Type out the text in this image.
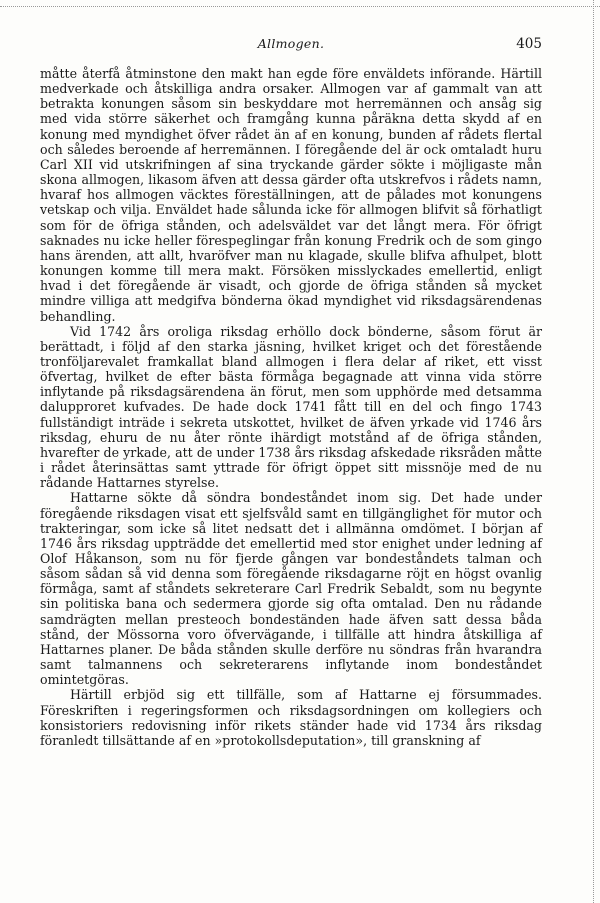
Allmogen.	405

måtte återfå åtminstone den makt han egde före enväldets införande. Härtill medverkade och åtskilliga andra orsaker. Allmogen var af gammalt van att betrakta konungen såsom sin beskyddare mot herremännen och ansåg sig med vida större säkerhet och framgång kunna påräkna detta skydd af en konung med myndighet öfver rådet än af en konung, bunden af rådets flertal och således beroende af herremännen. I föregående del är ock omtaladt huru Carl XII vid utskrifningen af sina tryckande gärder sökte i möjligaste mån skona allmogen, likasom äfven att dessa gärder ofta utskrefvos i rådets namn, hvaraf hos allmogen väcktes föreställningen, att de pålades mot konungens vetskap och vilja. Enväldet hade sålunda icke för allmogen blifvit så förhatligt som för de öfriga stånden, och adelsväldet var det långt mera. För öfrigt saknades nu icke heller förespeglingar från konung Fredrik och de som gingo hans ärenden, att allt, hvaröfver man nu klagade, skulle blifva afhulpet, blott konungen komme till mera makt. Försöken misslyckades emellertid, enligt hvad i det föregående är visadt, och gjorde de öfriga stånden så mycket mindre villiga att medgifva bönderna ökad myndighet vid riksdagsärendenas behandling.

Vid 1742 års oroliga riksdag erhöllo dock bönderne, såsom förut är berättadt, i följd af den starka jäsning, hvilket kriget och det förestående tronföljarevalet framkallat bland allmogen i flera delar af riket, ett visst öfvertag, hvilket de efter bästa förmåga begagnade att vinna vida större inflytande på riksdagsärendena än förut, men som upphörde med detsamma dalupproret kufvades. De hade dock 1741 fått till en del och fingo 1743 fullständigt inträde i sekreta utskottet, hvilket de äfven yrkade vid 1746 års riksdag, ehuru de nu åter rönte ihärdigt motstånd af de öfriga stånden, hvarefter de yrkade, att de under 1738 års riksdag afskedade riksråden måtte i rådet återinsättas samt yttrade för öfrigt öppet sitt missnöje med de nu rådande Hattarnes styrelse.

Hattarne sökte då söndra bondeståndet inom sig. Det hade under föregående riksdagen visat ett sjelfsvåld samt en tillgänglighet för mutor och trakteringar, som icke så litet nedsatt det i allmänna omdömet. I början af 1746 års riksdag uppträdde det emellertid med stor enighet under ledning af Olof Håkanson, som nu för fjerde gången var bondeståndets talman och såsom sådan så vid denna som föregående riksdagarne röjt en högst ovanlig förmåga, samt af ståndets sekreterare Carl Fredrik Sebaldt, som nu begynte sin politiska bana och sedermera gjorde sig ofta omtalad. Den nu rådande samdrägten mellan presteoch bondeständen hade äfven satt dessa båda stånd, der Mössorna voro öfvervägande, i tillfälle att hindra åtskilliga af Hattarnes planer. De båda stånden skulle derföre nu söndras från hvarandra samt talmannens och sekreterarens inflytande inom bondeståndet omintetgöras.

Härtill erbjöd sig ett tillfälle, som af Hattarne ej försummades. Föreskriften i regeringsformen och riksdagsordningen om kollegiers och konsistoriers redovisning inför rikets ständer hade vid 1734 års riksdag föranledt tillsättande af en »protokollsdeputation», till granskning af
